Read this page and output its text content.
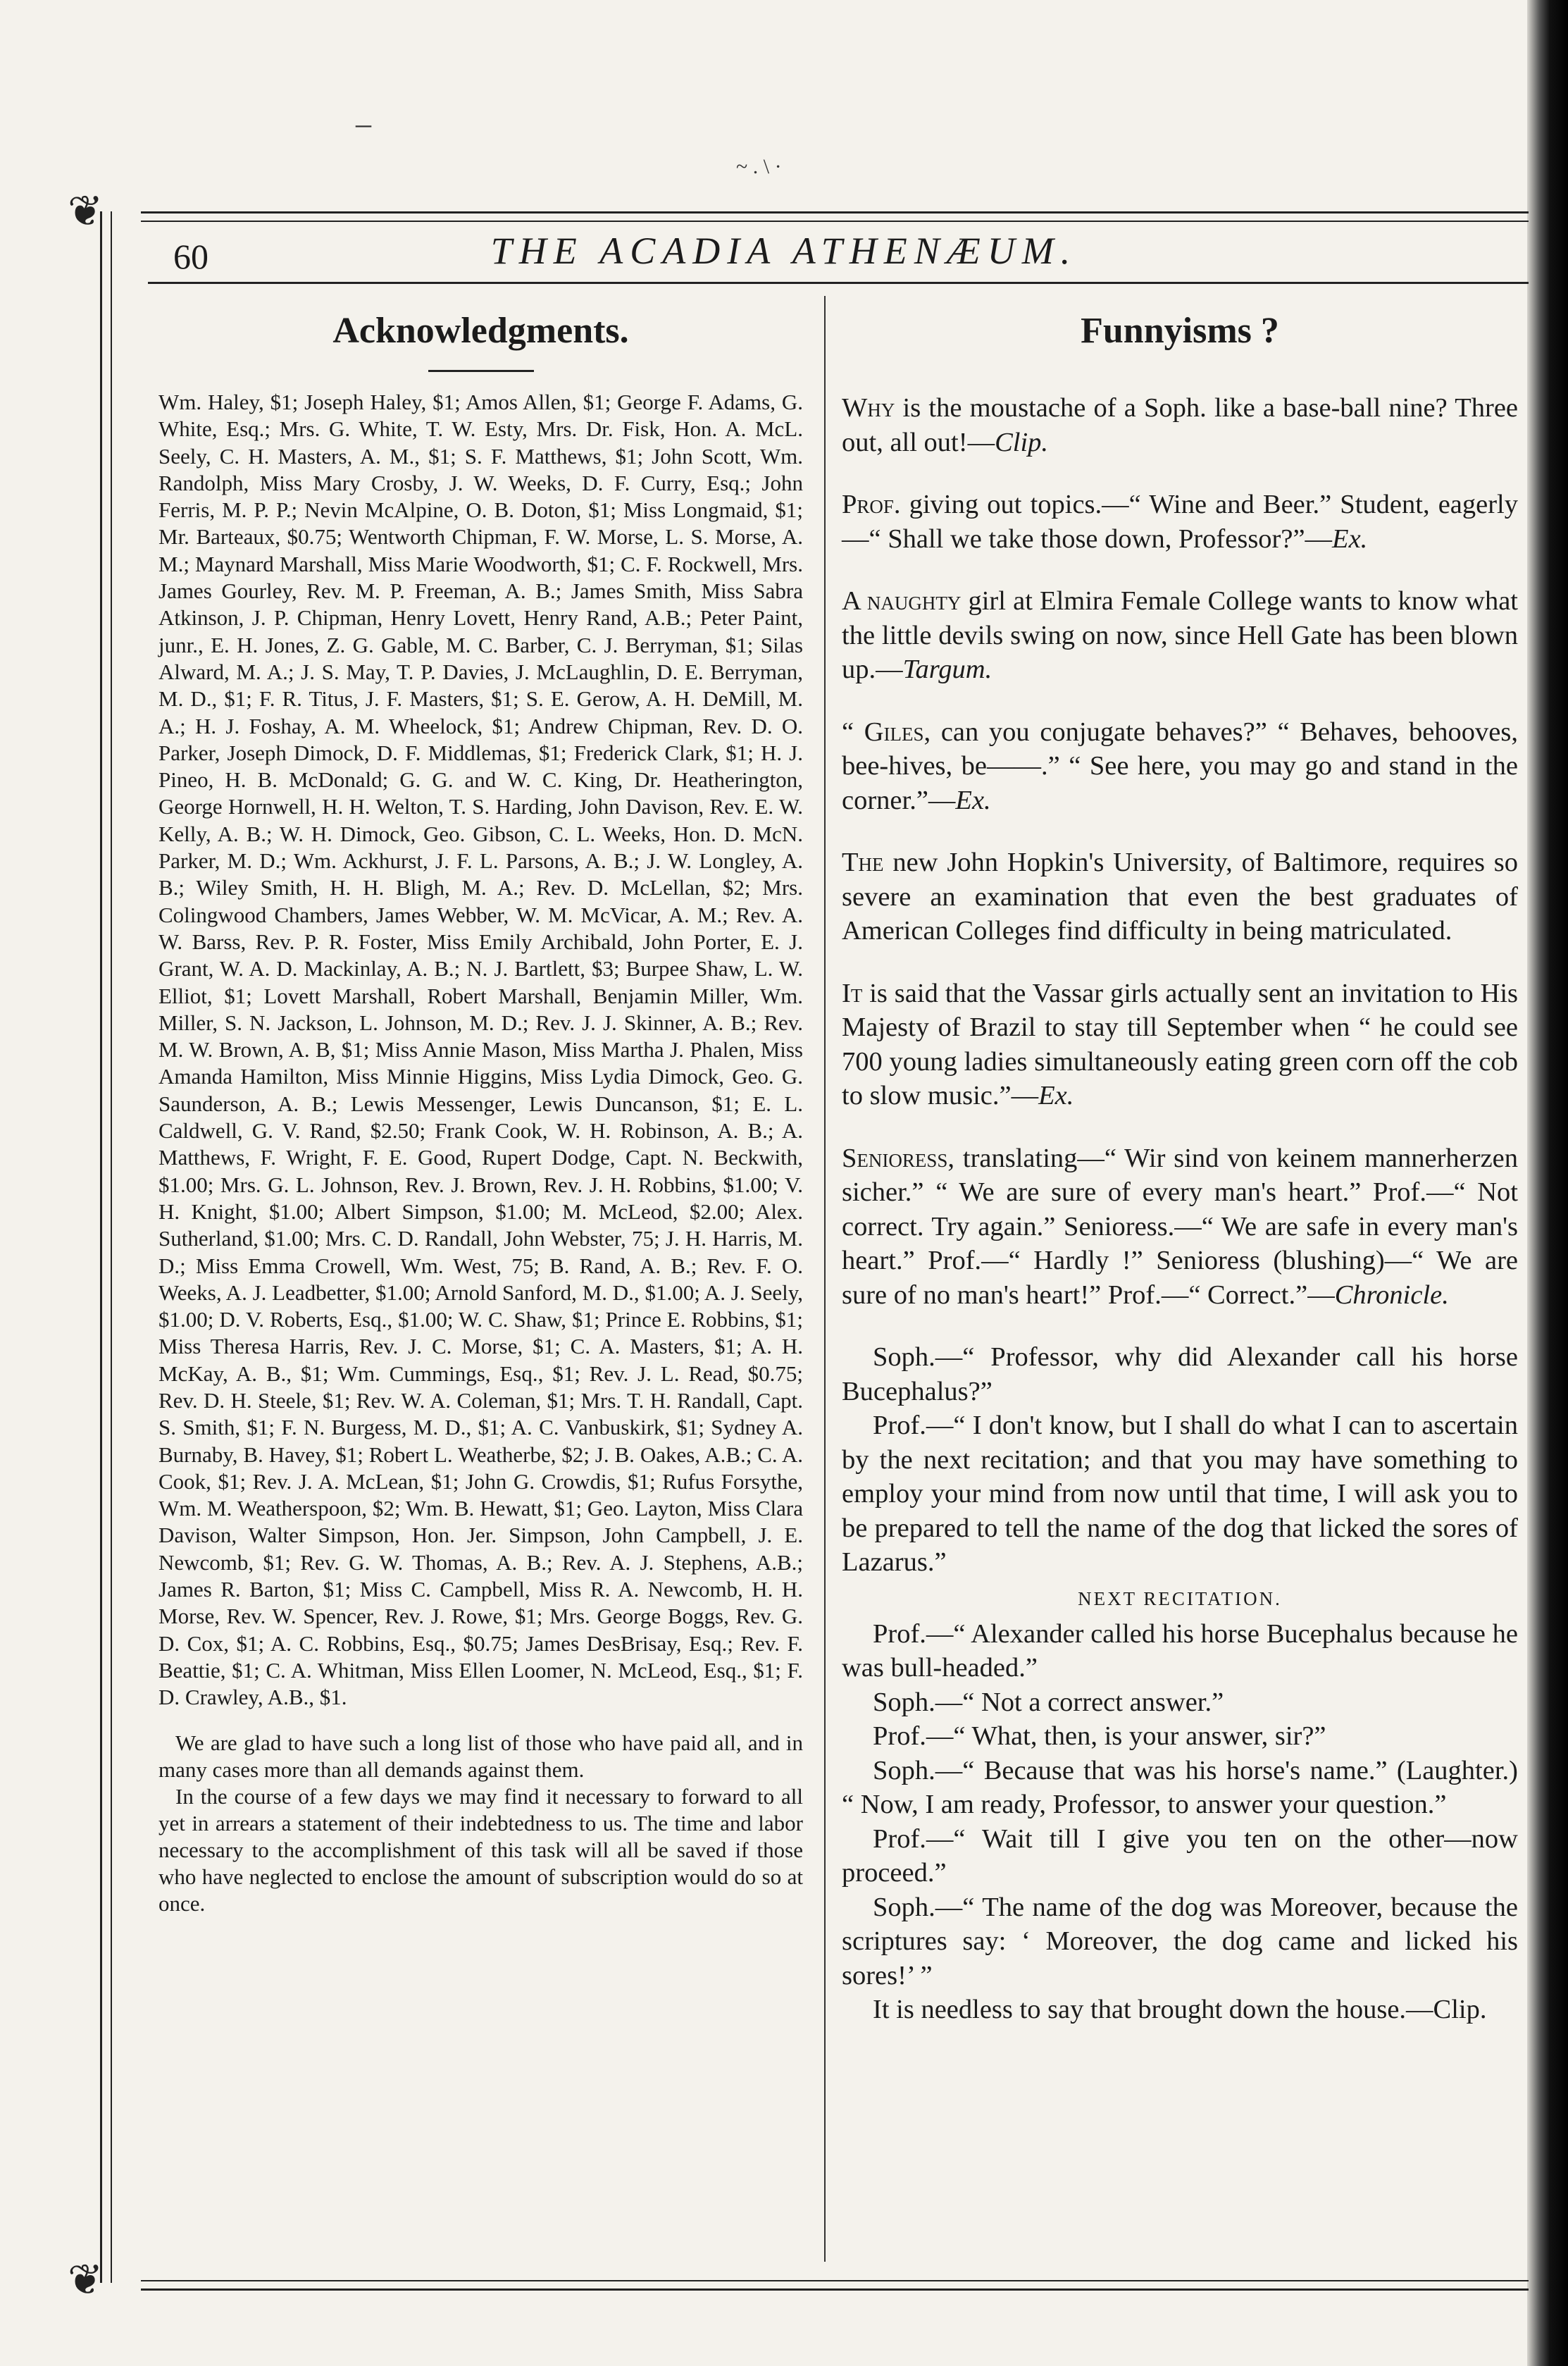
–
~ . \ ·
❦
60	THE ACADIA ATHENÆUM.
Acknowledgments.

Wm. Haley, $1; Joseph Haley, $1; Amos Allen, $1; George F. Adams, G. White, Esq.; Mrs. G. White, T. W. Esty, Mrs. Dr. Fisk, Hon. A. McL. Seely, C. H. Masters, A. M., $1; S. F. Matthews, $1; John Scott, Wm. Randolph, Miss Mary Crosby, J. W. Weeks, D. F. Curry, Esq.; John Ferris, M. P. P.; Nevin McAlpine, O. B. Doton, $1; Miss Longmaid, $1; Mr. Barteaux, $0.75; Wentworth Chipman, F. W. Morse, L. S. Morse, A. M.; Maynard Marshall, Miss Marie Woodworth, $1; C. F. Rockwell, Mrs. James Gourley, Rev. M. P. Freeman, A. B.; James Smith, Miss Sabra Atkinson, J. P. Chipman, Henry Lovett, Henry Rand, A.B.; Peter Paint, junr., E. H. Jones, Z. G. Gable, M. C. Barber, C. J. Berryman, $1; Silas Alward, M. A.; J. S. May, T. P. Davies, J. McLaughlin, D. E. Berryman, M. D., $1; F. R. Titus, J. F. Masters, $1; S. E. Gerow, A. H. DeMill, M. A.; H. J. Foshay, A. M. Wheelock, $1; Andrew Chipman, Rev. D. O. Parker, Joseph Dimock, D. F. Middlemas, $1; Frederick Clark, $1; H. J. Pineo, H. B. McDonald; G. G. and W. C. King, Dr. Heatherington, George Hornwell, H. H. Welton, T. S. Harding, John Davison, Rev. E. W. Kelly, A. B.; W. H. Dimock, Geo. Gibson, C. L. Weeks, Hon. D. McN. Parker, M. D.; Wm. Ackhurst, J. F. L. Parsons, A. B.; J. W. Longley, A. B.; Wiley Smith, H. H. Bligh, M. A.; Rev. D. McLellan, $2; Mrs. Colingwood Chambers, James Webber, W. M. McVicar, A. M.; Rev. A. W. Barss, Rev. P. R. Foster, Miss Emily Archibald, John Porter, E. J. Grant, W. A. D. Mackinlay, A. B.; N. J. Bartlett, $3; Burpee Shaw, L. W. Elliot, $1; Lovett Marshall, Robert Marshall, Benjamin Miller, Wm. Miller, S. N. Jackson, L. Johnson, M. D.; Rev. J. J. Skinner, A. B.; Rev. M. W. Brown, A. B, $1; Miss Annie Mason, Miss Martha J. Phalen, Miss Amanda Hamilton, Miss Minnie Higgins, Miss Lydia Dimock, Geo. G. Saunderson, A. B.; Lewis Messenger, Lewis Duncanson, $1; E. L. Caldwell, G. V. Rand, $2.50; Frank Cook, W. H. Robinson, A. B.; A. Matthews, F. Wright, F. E. Good, Rupert Dodge, Capt. N. Beckwith, $1.00; Mrs. G. L. Johnson, Rev. J. Brown, Rev. J. H. Robbins, $1.00; V. H. Knight, $1.00; Albert Simpson, $1.00; M. McLeod, $2.00; Alex. Sutherland, $1.00; Mrs. C. D. Randall, John Webster, 75; J. H. Harris, M. D.; Miss Emma Crowell, Wm. West, 75; B. Rand, A. B.; Rev. F. O. Weeks, A. J. Leadbetter, $1.00; Arnold Sanford, M. D., $1.00; A. J. Seely, $1.00; D. V. Roberts, Esq., $1.00; W. C. Shaw, $1; Prince E. Robbins, $1; Miss Theresa Harris, Rev. J. C. Morse, $1; C. A. Masters, $1; A. H. McKay, A. B., $1; Wm. Cummings, Esq., $1; Rev. J. L. Read, $0.75; Rev. D. H. Steele, $1; Rev. W. A. Coleman, $1; Mrs. T. H. Randall, Capt. S. Smith, $1; F. N. Burgess, M. D., $1; A. C. Vanbuskirk, $1; Sydney A. Burnaby, B. Havey, $1; Robert L. Weatherbe, $2; J. B. Oakes, A.B.; C. A. Cook, $1; Rev. J. A. McLean, $1; John G. Crowdis, $1; Rufus Forsythe, Wm. M. Weatherspoon, $2; Wm. B. Hewatt, $1; Geo. Layton, Miss Clara Davison, Walter Simpson, Hon. Jer. Simpson, John Campbell, J. E. Newcomb, $1; Rev. G. W. Thomas, A. B.; Rev. A. J. Stephens, A.B.; James R. Barton, $1; Miss C. Campbell, Miss R. A. Newcomb, H. H. Morse, Rev. W. Spencer, Rev. J. Rowe, $1; Mrs. George Boggs, Rev. G. D. Cox, $1; A. C. Robbins, Esq., $0.75; James DesBrisay, Esq.; Rev. F. Beattie, $1; C. A. Whitman, Miss Ellen Loomer, N. McLeod, Esq., $1; F. D. Crawley, A.B., $1.

We are glad to have such a long list of those who have paid all, and in many cases more than all demands against them.

In the course of a few days we may find it necessary to forward to all yet in arrears a statement of their indebtedness to us. The time and labor necessary to the accomplishment of this task will all be saved if those who have neglected to enclose the amount of subscription would do so at once.

Funnyisms ?

Why is the moustache of a Soph. like a base-ball nine? Three out, all out!—Clip.

Prof. giving out topics.—“ Wine and Beer.” Student, eagerly—“ Shall we take those down, Professor?”—Ex.

A naughty girl at Elmira Female College wants to know what the little devils swing on now, since Hell Gate has been blown up.—Targum.

“ Giles, can you conjugate behaves?” “ Behaves, behooves, bee-hives, be——.” “ See here, you may go and stand in the corner.”—Ex.

The new John Hopkin's University, of Baltimore, requires so severe an examination that even the best graduates of American Colleges find difficulty in being matriculated.

It is said that the Vassar girls actually sent an invitation to His Majesty of Brazil to stay till September when “ he could see 700 young ladies simultaneously eating green corn off the cob to slow music.”—Ex.

Senioress, translating—“ Wir sind von keinem mannerherzen sicher.” “ We are sure of every man's heart.” Prof.—“ Not correct. Try again.” Senioress.—“ We are safe in every man's heart.” Prof.—“ Hardly !” Senioress (blushing)—“ We are sure of no man's heart!” Prof.—“ Correct.”—Chronicle.

Soph.—“ Professor, why did Alexander call his horse Bucephalus?”

Prof.—“ I don't know, but I shall do what I can to ascertain by the next recitation; and that you may have something to employ your mind from now until that time, I will ask you to be prepared to tell the name of the dog that licked the sores of Lazarus.”

NEXT RECITATION.

Prof.—“ Alexander called his horse Bucephalus because he was bull-headed.”

Soph.—“ Not a correct answer.”

Prof.—“ What, then, is your answer, sir?”

Soph.—“ Because that was his horse's name.” (Laughter.) “ Now, I am ready, Professor, to answer your question.”

Prof.—“ Wait till I give you ten on the other—now proceed.”

Soph.—“ The name of the dog was Moreover, because the scriptures say: ‘ Moreover, the dog came and licked his sores!’ ”

It is needless to say that brought down the house.—Clip.

❦
